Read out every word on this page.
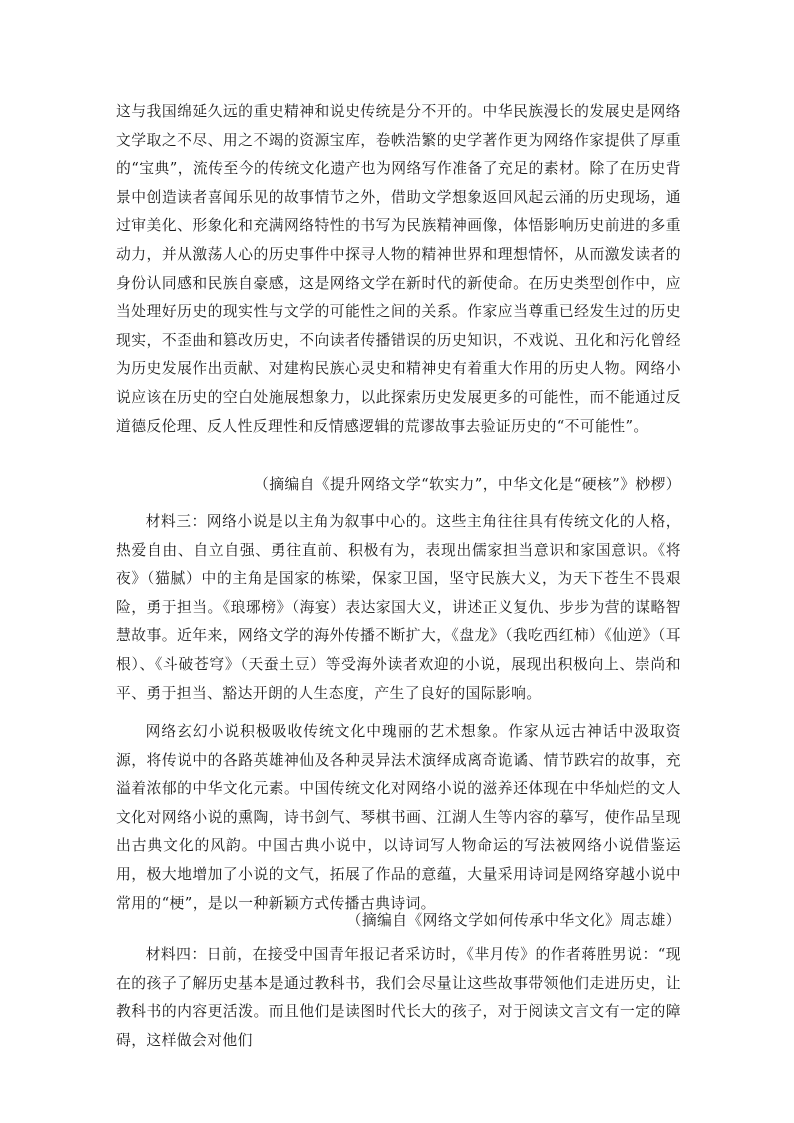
这与我国绵延久远的重史精神和说史传统是分不开的。中华民族漫长的发展史是网络文学取之不尽、用之不竭的资源宝库，卷帙浩繁的史学著作更为网络作家提供了厚重的“宝典”，流传至今的传统文化遗产也为网络写作准备了充足的素材。除了在历史背景中创造读者喜闻乐见的故事情节之外，借助文学想象返回风起云涌的历史现场，通过审美化、形象化和充满网络特性的书写为民族精神画像，体悟影响历史前进的多重动力，并从激荡人心的历史事件中探寻人物的精神世界和理想情怀，从而激发读者的身份认同感和民族自豪感，这是网络文学在新时代的新使命。在历史类型创作中，应当处理好历史的现实性与文学的可能性之间的关系。作家应当尊重已经发生过的历史现实，不歪曲和篡改历史，不向读者传播错误的历史知识，不戏说、丑化和污化曾经为历史发展作出贡献、对建构民族心灵史和精神史有着重大作用的历史人物。网络小说应该在历史的空白处施展想象力，以此探索历史发展更多的可能性，而不能通过反道德反伦理、反人性反理性和反情感逻辑的荒谬故事去验证历史的“不可能性”。

（摘编自《提升网络文学“软实力”，中华文化是“硬核”》桫椤）

材料三：网络小说是以主角为叙事中心的。这些主角往往具有传统文化的人格，热爱自由、自立自强、勇往直前、积极有为，表现出儒家担当意识和家国意识。《将夜》（猫腻）中的主角是国家的栋梁，保家卫国，坚守民族大义，为天下苍生不畏艰险，勇于担当。《琅琊榜》（海宴）表达家国大义，讲述正义复仇、步步为营的谋略智慧故事。近年来，网络文学的海外传播不断扩大，《盘龙》（我吃西红柿）《仙逆》（耳根）、《斗破苍穹》（天蚕土豆）等受海外读者欢迎的小说，展现出积极向上、崇尚和平、勇于担当、豁达开朗的人生态度，产生了良好的国际影响。

网络玄幻小说积极吸收传统文化中瑰丽的艺术想象。作家从远古神话中汲取资源，将传说中的各路英雄神仙及各种灵异法术演绎成离奇诡谲、情节跌宕的故事，充溢着浓郁的中华文化元素。中国传统文化对网络小说的滋养还体现在中华灿烂的文人文化对网络小说的熏陶，诗书剑气、琴棋书画、江湖人生等内容的摹写，使作品呈现出古典文化的风韵。中国古典小说中，以诗词写人物命运的写法被网络小说借鉴运用，极大地增加了小说的文气，拓展了作品的意蕴，大量采用诗词是网络穿越小说中常用的“梗”，是以一种新颖方式传播古典诗词。

（摘编自《网络文学如何传承中华文化》周志雄）

材料四：日前，在接受中国青年报记者采访时，《芈月传》的作者蒋胜男说：“现在的孩子了解历史基本是通过教科书，我们会尽量让这些故事带领他们走进历史，让教科书的内容更活泼。而且他们是读图时代长大的孩子，对于阅读文言文有一定的障碍，这样做会对他们
